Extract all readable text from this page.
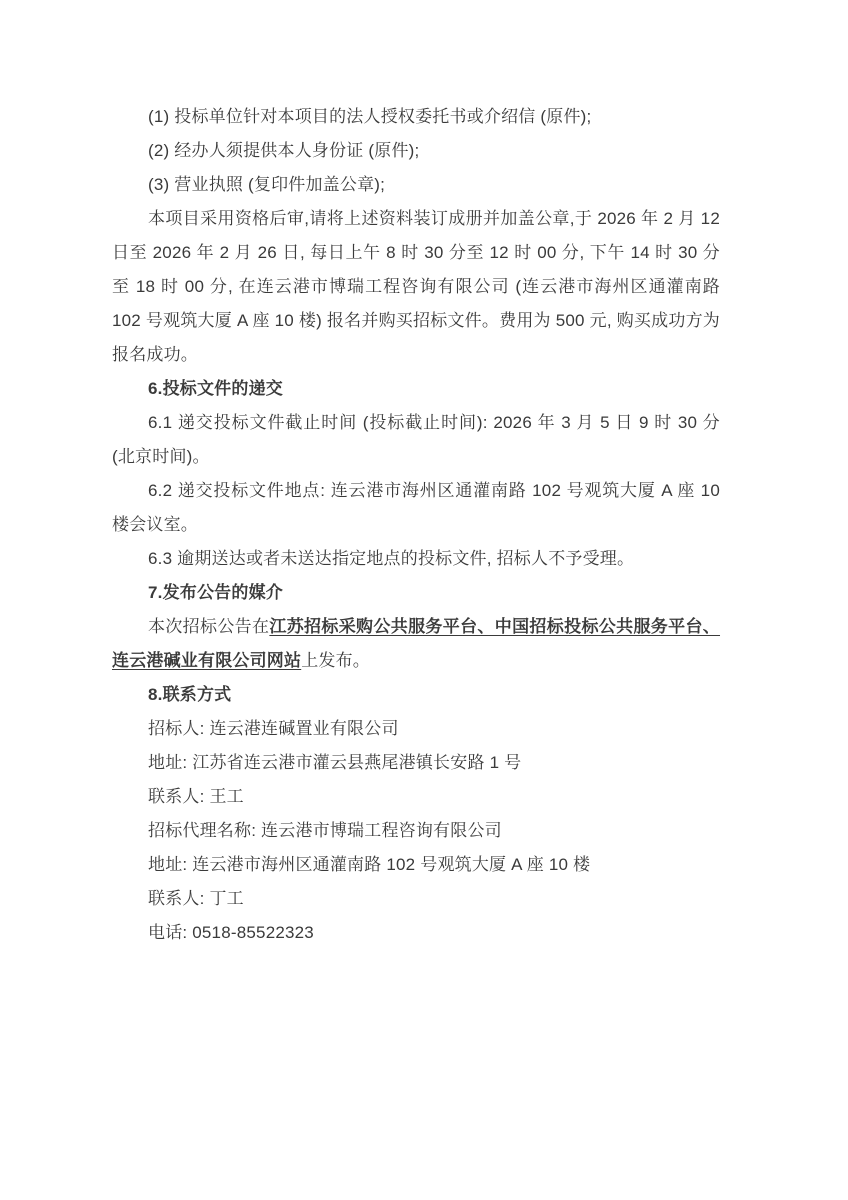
(1) 投标单位针对本项目的法人授权委托书或介绍信 (原件);

(2) 经办人须提供本人身份证 (原件);

(3) 营业执照 (复印件加盖公章);

本项目采用资格后审,请将上述资料装订成册并加盖公章,于 2026 年 2 月 12 日至 2026 年 2 月 26 日, 每日上午 8 时 30 分至 12 时 00 分, 下午 14 时 30 分至 18 时 00 分, 在连云港市博瑞工程咨询有限公司 (连云港市海州区通灌南路 102 号观筑大厦 A 座 10 楼) 报名并购买招标文件。费用为 500 元, 购买成功方为报名成功。

6.投标文件的递交

6.1 递交投标文件截止时间 (投标截止时间): 2026 年 3 月 5 日 9 时 30 分 (北京时间)。

6.2 递交投标文件地点: 连云港市海州区通灌南路 102 号观筑大厦 A 座 10 楼会议室。

6.3 逾期送达或者未送达指定地点的投标文件, 招标人不予受理。

7.发布公告的媒介

本次招标公告在江苏招标采购公共服务平台、中国招标投标公共服务平台、连云港碱业有限公司网站上发布。

8.联系方式

招标人: 连云港连碱置业有限公司

地址: 江苏省连云港市灌云县燕尾港镇长安路 1 号

联系人: 王工

招标代理名称: 连云港市博瑞工程咨询有限公司

地址: 连云港市海州区通灌南路 102 号观筑大厦 A 座 10 楼

联系人: 丁工

电话: 0518-85522323
